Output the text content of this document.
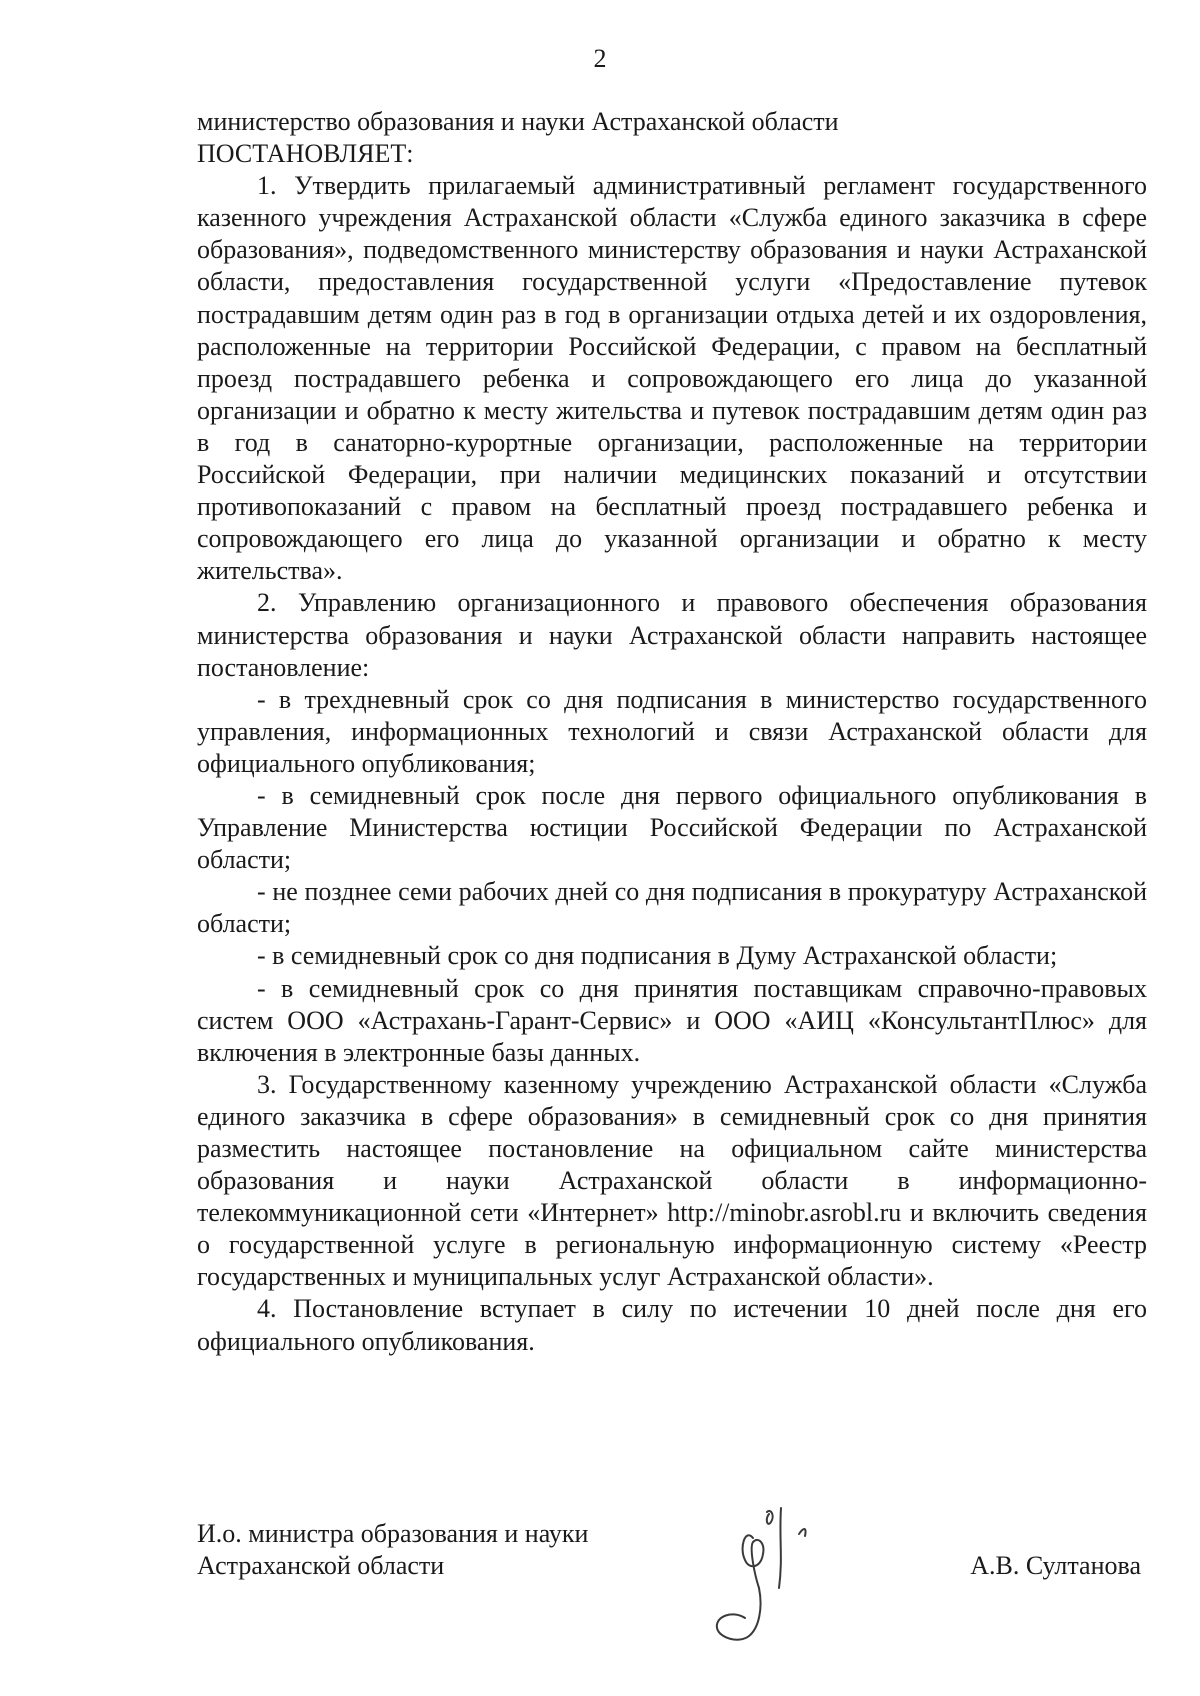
2

министерство образования и науки Астраханской области

ПОСТАНОВЛЯЕТ:

1. Утвердить прилагаемый административный регламент государственного казенного учреждения Астраханской области «Служба единого заказчика в сфере образования», подведомственного министерству образования и науки Астраханской области, предоставления государственной услуги «Предоставление путевок пострадавшим детям один раз в год в организации отдыха детей и их оздоровления, расположенные на территории Российской Федерации, с правом на бесплатный проезд пострадавшего ребенка и сопровождающего его лица до указанной организации и обратно к месту жительства и путевок пострадавшим детям один раз в год в санаторно-курортные организации, расположенные на территории Российской Федерации, при наличии медицинских показаний и отсутствии противопоказаний с правом на бесплатный проезд пострадавшего ребенка и сопровождающего его лица до указанной организации и обратно к месту жительства».

2. Управлению организационного и правового обеспечения образования министерства образования и науки Астраханской области направить настоящее постановление:

- в трехдневный срок со дня подписания в министерство государственного управления, информационных технологий и связи Астраханской области для официального опубликования;

- в семидневный срок после дня первого официального опубликования в Управление Министерства юстиции Российской Федерации по Астраханской области;

- не позднее семи рабочих дней со дня подписания в прокуратуру Астраханской области;

- в семидневный срок со дня подписания в Думу Астраханской области;

- в семидневный срок со дня принятия поставщикам справочно-правовых систем ООО «Астрахань-Гарант-Сервис» и ООО «АИЦ «КонсультантПлюс» для включения в электронные базы данных.

3. Государственному казенному учреждению Астраханской области «Служба единого заказчика в сфере образования» в семидневный срок со дня принятия разместить настоящее постановление на официальном сайте министерства образования и науки Астраханской области в информационно-телекоммуникационной сети «Интернет» http://minobr.asrobl.ru и включить сведения о государственной услуге в региональную информационную систему «Реестр государственных и муниципальных услуг Астраханской области».

4. Постановление вступает в силу по истечении 10 дней после дня его официального опубликования.

И.о. министра образования и науки
Астраханской области	А.В. Султанова
